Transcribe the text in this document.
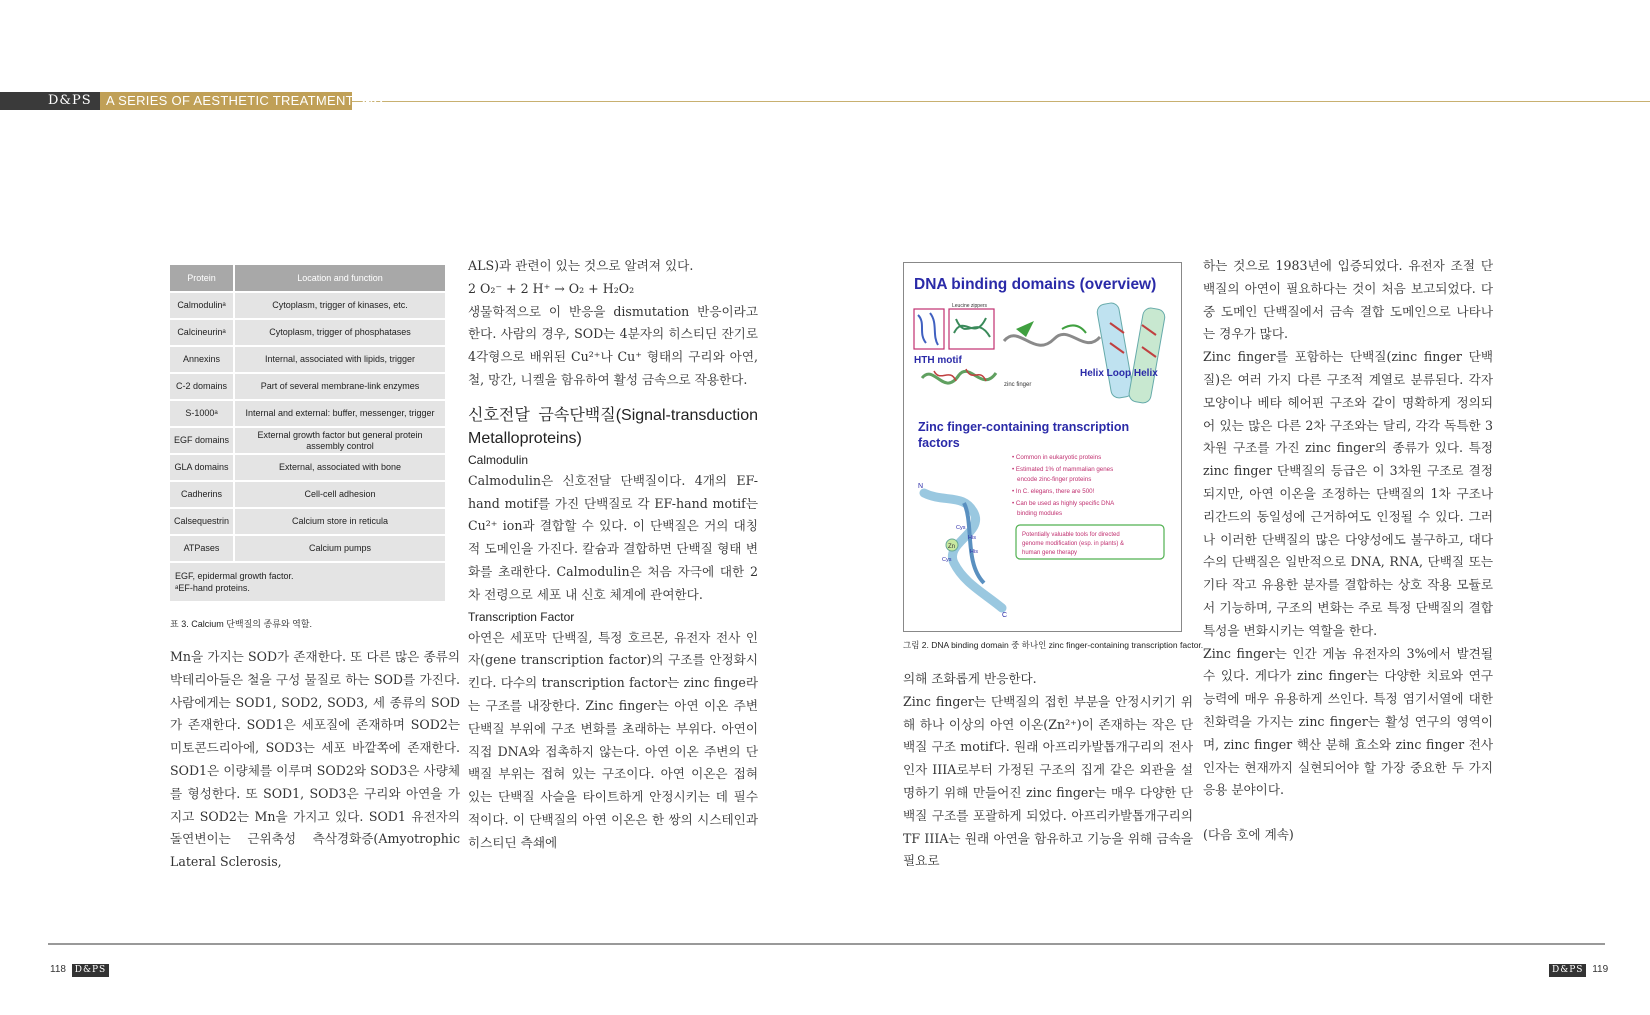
D&PS A SERIES OF AESTHETIC TREATMENT 5-47
Protein	Location and function
Calmodulinᵃ	Cytoplasm, trigger of kinases, etc.
Calcineurinᵃ	Cytoplasm, trigger of phosphatases
Annexins	Internal, associated with lipids, trigger
C-2 domains	Part of several membrane-link enzymes
S-1000ᵃ	Internal and external: buffer, messenger, trigger
EGF domains	External growth factor but general protein assembly control
GLA domains	External, associated with bone
Cadherins	Cell-cell adhesion
Calsequestrin	Calcium store in reticula
ATPases	Calcium pumps

EGF, epidermal growth factor.
ᵃEF-hand proteins.	
표 3. Calcium 단백질의 종류와 역할.

Mn을 가지는 SOD가 존재한다. 또 다른 많은 종류의 박테리아들은 철을 구성 물질로 하는 SOD를 가진다. 사람에게는 SOD1, SOD2, SOD3, 세 종류의 SOD가 존재한다. SOD1은 세포질에 존재하며 SOD2는 미토콘드리아에, SOD3는 세포 바깥쪽에 존재한다. SOD1은 이량체를 이루며 SOD2와 SOD3은 사량체를 형성한다. 또 SOD1, SOD3은 구리와 아연을 가지고 SOD2는 Mn을 가지고 있다. SOD1 유전자의 돌연변이는 근위축성 측삭경화증(Amyotrophic Lateral Sclerosis,

ALS)과 관련이 있는 것으로 알려져 있다.

2 O₂⁻ + 2 H⁺ → O₂ + H₂O₂

생물학적으로 이 반응을 dismutation 반응이라고 한다. 사람의 경우, SOD는 4분자의 히스티딘 잔기로 4각형으로 배위된 Cu²⁺나 Cu⁺ 형태의 구리와 아연, 철, 망간, 니켈을 함유하여 활성 금속으로 작용한다.

신호전달 금속단백질(Signal-transduction Metalloproteins)
Calmodulin

Calmodulin은 신호전달 단백질이다. 4개의 EF-hand motif를 가진 단백질로 각 EF-hand motif는 Cu²⁺ ion과 결합할 수 있다. 이 단백질은 거의 대칭적 도메인을 가진다. 칼슘과 결합하면 단백질 형태 변화를 초래한다. Calmodulin은 처음 자극에 대한 2차 전령으로 세포 내 신호 체계에 관여한다.

Transcription Factor

아연은 세포막 단백질, 특정 호르몬, 유전자 전사 인자(gene transcription factor)의 구조를 안정화시킨다. 다수의 transcription factor는 zinc finge라는 구조를 내장한다. Zinc finger는 아연 이온 주변 단백질 부위에 구조 변화를 초래하는 부위다. 아연이 직접 DNA와 접촉하지 않는다. 아연 이온 주변의 단백질 부위는 접혀 있는 구조이다. 아연 이온은 접혀 있는 단백질 사슬을 타이트하게 안정시키는 데 필수적이다. 이 단백질의 아연 이온은 한 쌍의 시스테인과 히스티딘 측쇄에

DNA binding domains (overview)
Leucine zippers
HTH motif
Helix Loop Helix
zinc finger
Zinc finger-containing transcription
factors
• Common in eukaryotic proteins
• Estimated 1% of mammalian genes
encode zinc-finger proteins
• In C. elegans, there are 500!
• Can be used as highly specific DNA
binding modules
Potentially valuable tools for directed
genome modification (esp. in plants) &
human gene therapy
N
Zn
Cys
His
Cys
His
C
그림 2. DNA binding domain 중 하나인 zinc finger-containing transcription factor.

의해 조화롭게 반응한다.

Zinc finger는 단백질의 접힌 부분을 안정시키기 위해 하나 이상의 아연 이온(Zn²⁺)이 존재하는 작은 단백질 구조 motif다. 원래 아프리카발톱개구리의 전사 인자 IIIA로부터 가정된 구조의 집게 같은 외관을 설명하기 위해 만들어진 zinc finger는 매우 다양한 단백질 구조를 포괄하게 되었다. 아프리카발톱개구리의 TF IIIA는 원래 아연을 함유하고 기능을 위해 금속을 필요로

하는 것으로 1983년에 입증되었다. 유전자 조절 단백질의 아연이 필요하다는 것이 처음 보고되었다. 다중 도메인 단백질에서 금속 결합 도메인으로 나타나는 경우가 많다.

Zinc finger를 포함하는 단백질(zinc finger 단백질)은 여러 가지 다른 구조적 계열로 분류된다. 각자 모양이나 베타 헤어핀 구조와 같이 명확하게 정의되어 있는 많은 다른 2차 구조와는 달리, 각각 독특한 3차원 구조를 가진 zinc finger의 종류가 있다. 특정 zinc finger 단백질의 등급은 이 3차원 구조로 결정되지만, 아연 이온을 조정하는 단백질의 1차 구조나 리간드의 동일성에 근거하여도 인정될 수 있다. 그러나 이러한 단백질의 많은 다양성에도 불구하고, 대다수의 단백질은 일반적으로 DNA, RNA, 단백질 또는 기타 작고 유용한 분자를 결합하는 상호 작용 모듈로서 기능하며, 구조의 변화는 주로 특정 단백질의 결합 특성을 변화시키는 역할을 한다.

Zinc finger는 인간 게놈 유전자의 3%에서 발견될 수 있다. 게다가 zinc finger는 다양한 치료와 연구 능력에 매우 유용하게 쓰인다. 특정 염기서열에 대한 친화력을 가지는 zinc finger는 활성 연구의 영역이며, zinc finger 핵산 분해 효소와 zinc finger 전사 인자는 현재까지 실현되어야 할 가장 중요한 두 가지 응용 분야이다.

(다음 호에 계속)

118 D&PS	D&PS 119
